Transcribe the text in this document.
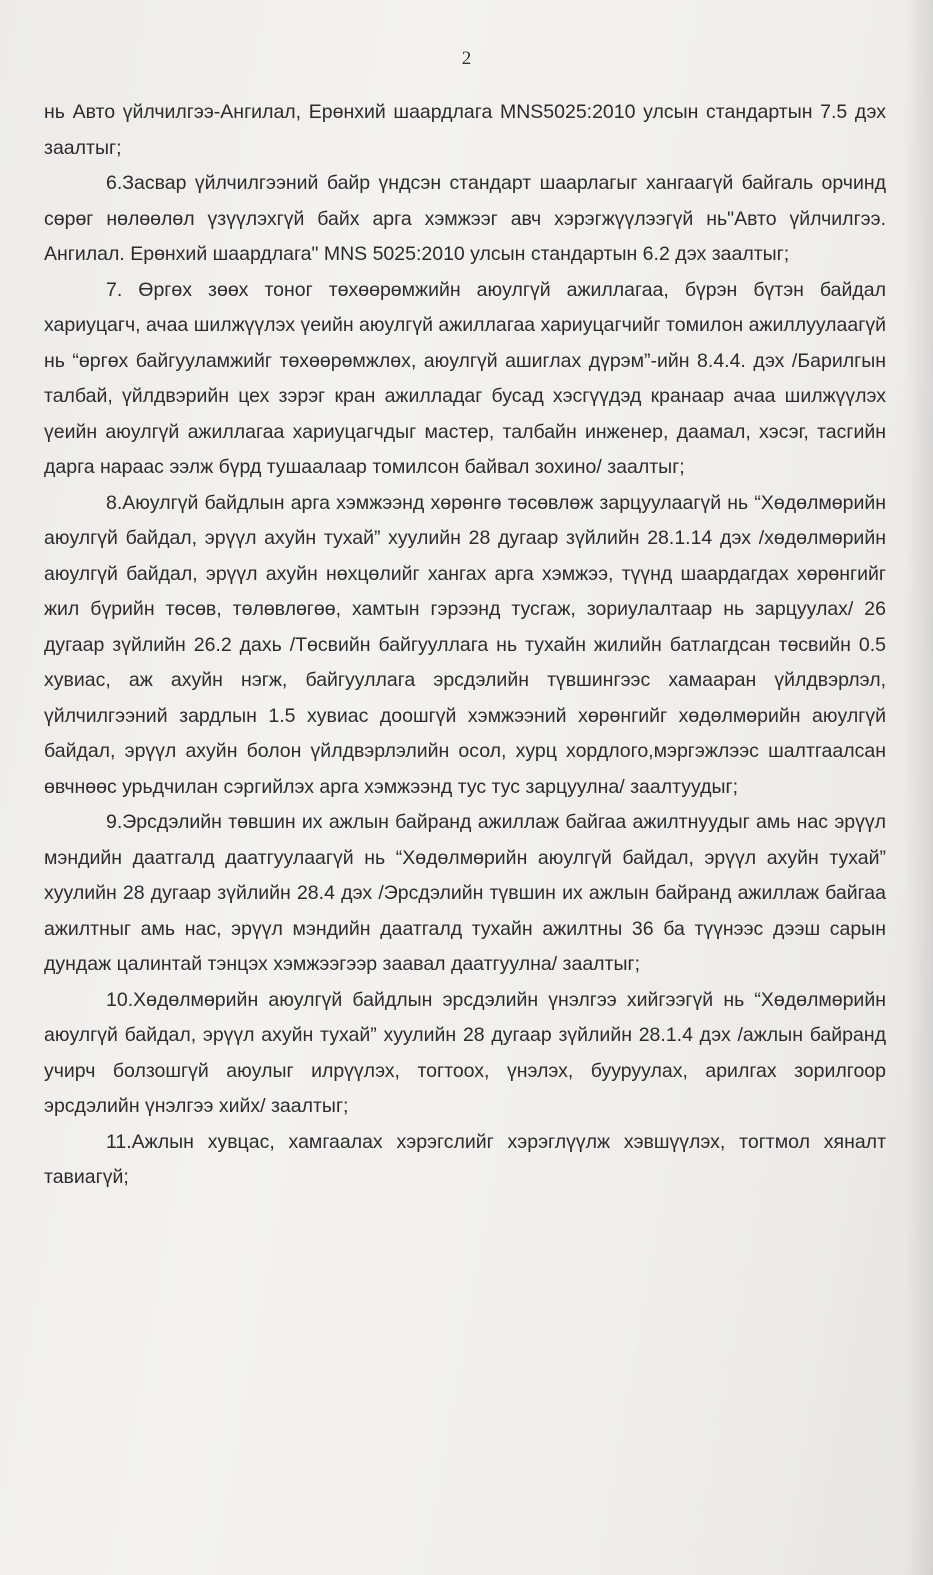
2

нь Авто үйлчилгээ-Ангилал, Ерөнхий шаардлага MNS5025:2010 улсын стандартын 7.5 дэх заалтыг;

6.Засвар үйлчилгээний байр үндсэн стандарт шаарлагыг хангаагүй байгаль орчинд сөрөг нөлөөлөл үзүүлэхгүй байх арга хэмжээг авч хэрэгжүүлээгүй нь"Авто үйлчилгээ. Ангилал. Ерөнхий шаардлага" MNS 5025:2010 улсын стандартын 6.2 дэх заалтыг;

7. Өргөх зөөх тоног төхөөрөмжийн аюулгүй ажиллагаа, бүрэн бүтэн байдал хариуцагч, ачаа шилжүүлэх үеийн аюулгүй ажиллагаа хариуцагчийг томилон ажиллуулаагүй нь “өргөх байгууламжийг төхөөрөмжлөх, аюулгүй ашиглах дүрэм”-ийн 8.4.4. дэх /Барилгын талбай, үйлдвэрийн цех зэрэг кран ажилладаг бусад хэсгүүдэд кранаар ачаа шилжүүлэх үеийн аюулгүй ажиллагаа хариуцагчдыг мастер, талбайн инженер, даамал, хэсэг, тасгийн дарга нараас ээлж бүрд тушаалаар томилсон байвал зохино/ заалтыг;

8.Аюулгүй байдлын арга хэмжээнд хөрөнгө төсөвлөж зарцуулаагүй нь “Хөдөлмөрийн аюулгүй байдал, эрүүл ахуйн тухай” хуулийн 28 дугаар зүйлийн 28.1.14 дэх /хөдөлмөрийн аюулгүй байдал, эрүүл ахуйн нөхцөлийг хангах арга хэмжээ, түүнд шаардагдах хөрөнгийг жил бүрийн төсөв, төлөвлөгөө, хамтын гэрээнд тусгаж, зориулалтаар нь зарцуулах/ 26 дугаар зүйлийн 26.2 дахь /Төсвийн байгууллага нь тухайн жилийн батлагдсан төсвийн 0.5 хувиас, аж ахуйн нэгж, байгууллага эрсдэлийн түвшингээс хамааран үйлдвэрлэл, үйлчилгээний зардлын 1.5 хувиас доошгүй хэмжээний хөрөнгийг хөдөлмөрийн аюулгүй байдал, эрүүл ахуйн болон үйлдвэрлэлийн осол, хурц хордлого,мэргэжлээс шалтгаалсан өвчнөөс урьдчилан сэргийлэх арга хэмжээнд тус тус зарцуулна/ заалтуудыг;

9.Эрсдэлийн төвшин их ажлын байранд ажиллаж байгаа ажилтнуудыг амь нас эрүүл мэндийн даатгалд даатгуулаагүй нь “Хөдөлмөрийн аюулгүй байдал, эрүүл ахуйн тухай” хуулийн 28 дугаар зүйлийн 28.4 дэх /Эрсдэлийн түвшин их ажлын байранд ажиллаж байгаа ажилтныг амь нас, эрүүл мэндийн даатгалд тухайн ажилтны 36 ба түүнээс дээш сарын дундаж цалинтай тэнцэх хэмжээгээр заавал даатгуулна/ заалтыг;

10.Хөдөлмөрийн аюулгүй байдлын эрсдэлийн үнэлгээ хийгээгүй нь “Хөдөлмөрийн аюулгүй байдал, эрүүл ахуйн тухай” хуулийн 28 дугаар зүйлийн 28.1.4 дэх /ажлын байранд учирч болзошгүй аюулыг илрүүлэх, тогтоох, үнэлэх, бууруулах, арилгах зорилгоор эрсдэлийн үнэлгээ хийх/ заалтыг;

11.Ажлын хувцас, хамгаалах хэрэгслийг хэрэглүүлж хэвшүүлэх, тогтмол хяналт тавиагүй;
